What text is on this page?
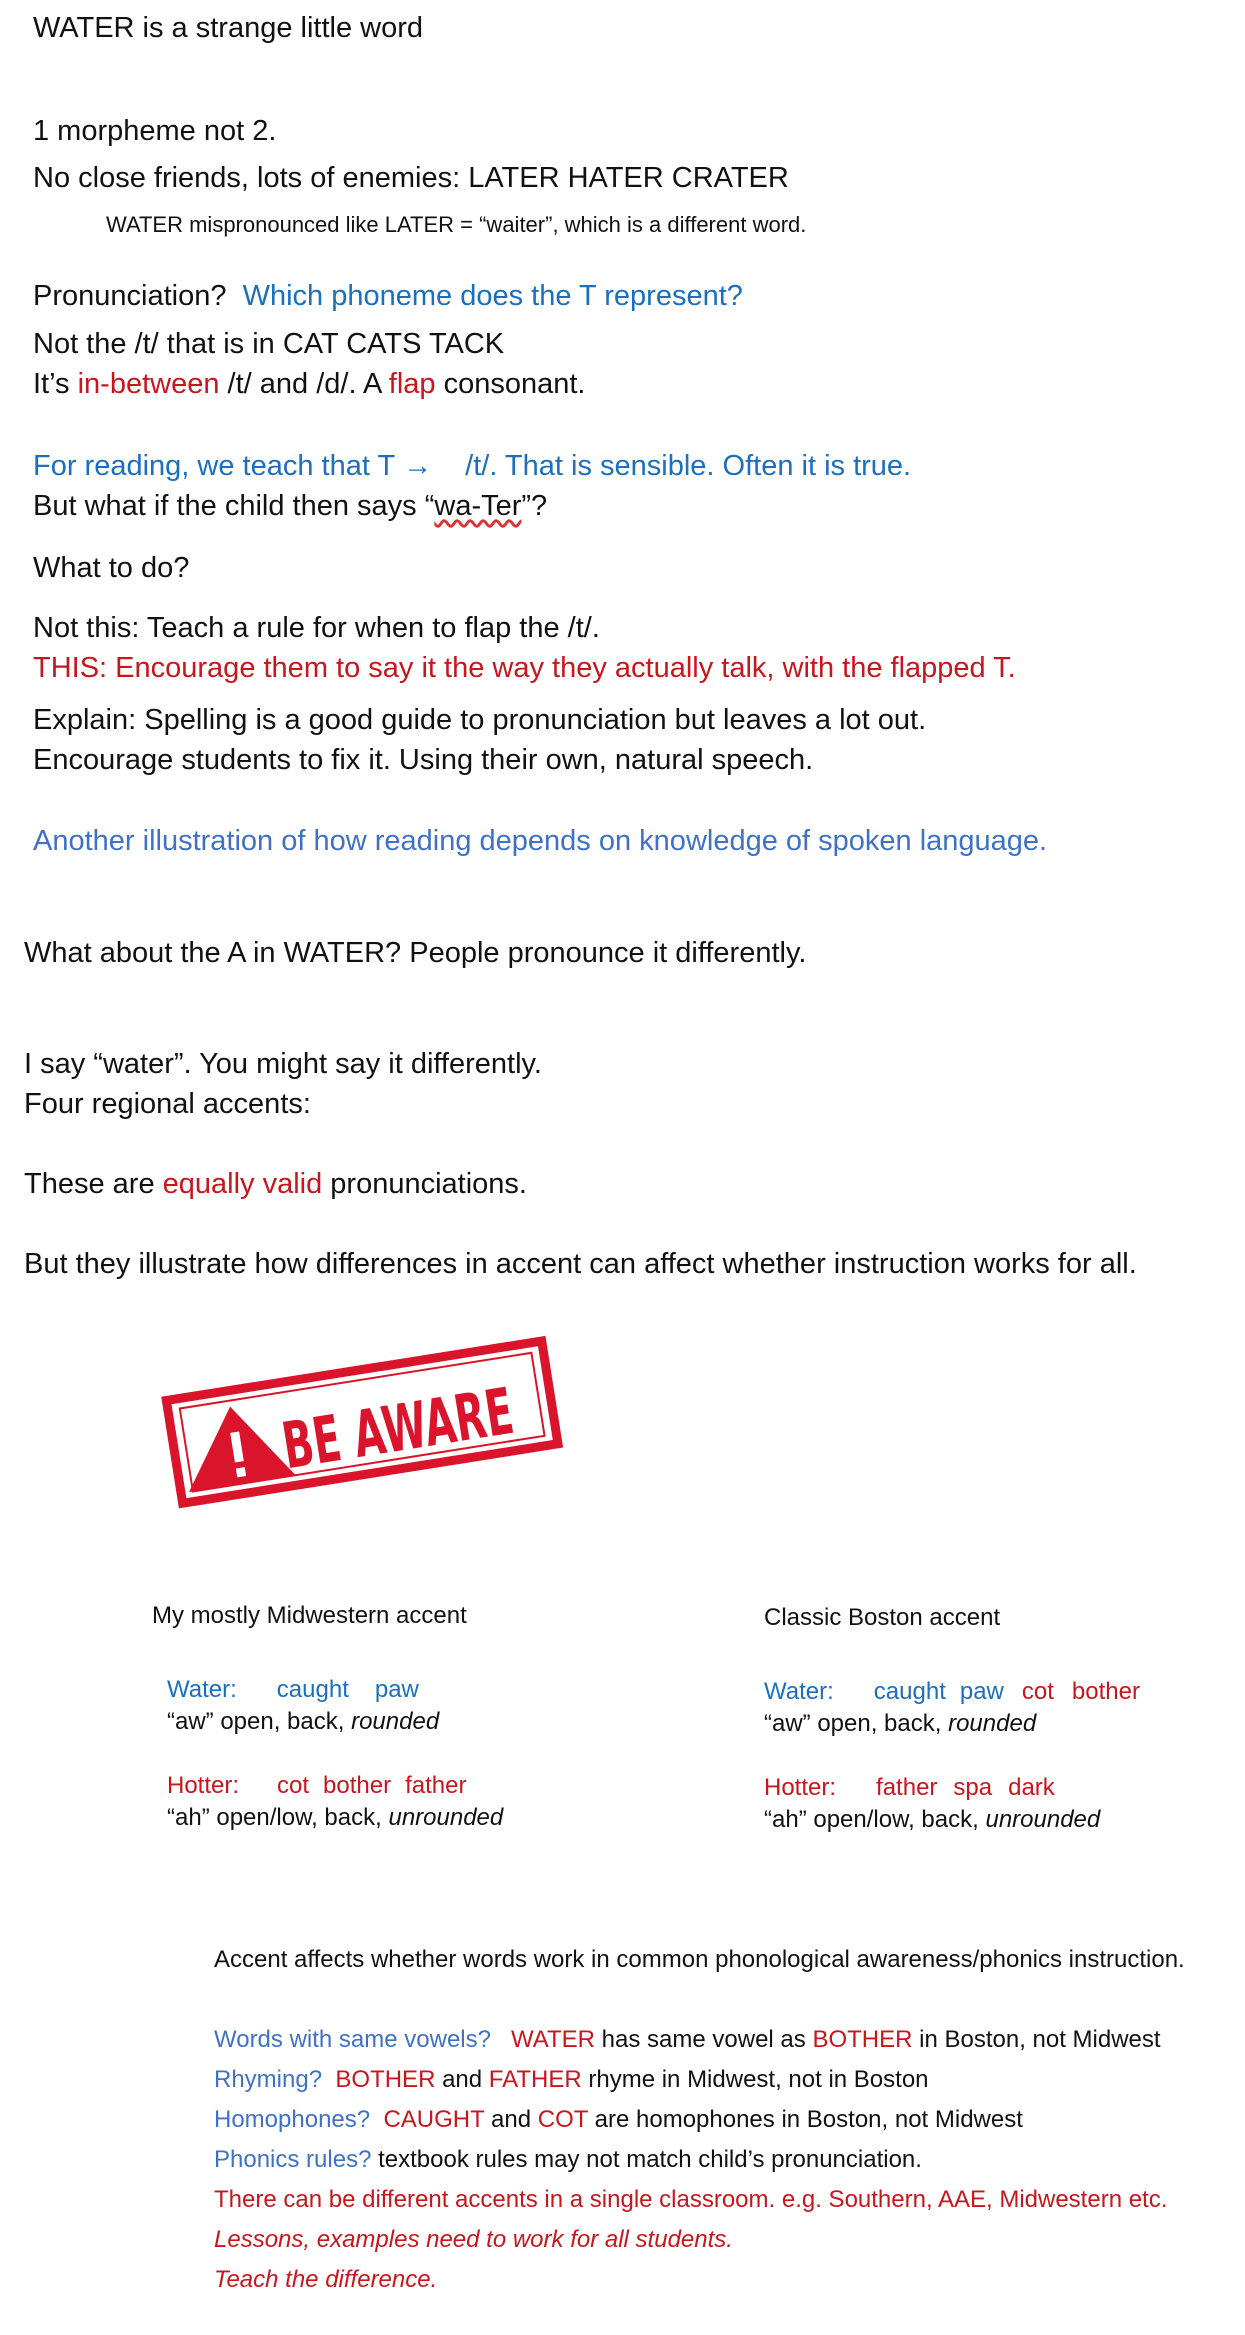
WATER is a strange little word
1 morpheme not 2.
No close friends, lots of enemies: LATER HATER CRATER
WATER mispronounced like LATER = “waiter”, which is a different word.
Pronunciation? Which phoneme does the T represent?
Not the /t/ that is in CAT CATS TACK
It’s in-between /t/ and /d/. A flap consonant.
For reading, we teach that T → /t/. That is sensible. Often it is true.
But what if the child then says “wa-Ter”?
What to do?
Not this: Teach a rule for when to flap the /t/.
THIS: Encourage them to say it the way they actually talk, with the flapped T.
Explain: Spelling is a good guide to pronunciation but leaves a lot out.
Encourage students to fix it. Using their own, natural speech.
Another illustration of how reading depends on knowledge of spoken language.
What about the A in WATER? People pronounce it differently.
I say “water”. You might say it differently.
Four regional accents:
These are equally valid pronunciations.
But they illustrate how differences in accent can affect whether instruction works for all.
BE AWARE
My mostly Midwestern accent
Water: caught paw
“aw” open, back, rounded
Hotter: cot bother father
“ah” open/low, back, unrounded
Classic Boston accent
Water: caught paw cot bother
“aw” open, back, rounded
Hotter: father spa dark
“ah” open/low, back, unrounded
Accent affects whether words work in common phonological awareness/phonics instruction.
Words with same vowels? WATER has same vowel as BOTHER in Boston, not Midwest
Rhyming? BOTHER and FATHER rhyme in Midwest, not in Boston
Homophones? CAUGHT and COT are homophones in Boston, not Midwest
Phonics rules? textbook rules may not match child’s pronunciation.
There can be different accents in a single classroom. e.g. Southern, AAE, Midwestern etc.
Lessons, examples need to work for all students.
Teach the difference.
